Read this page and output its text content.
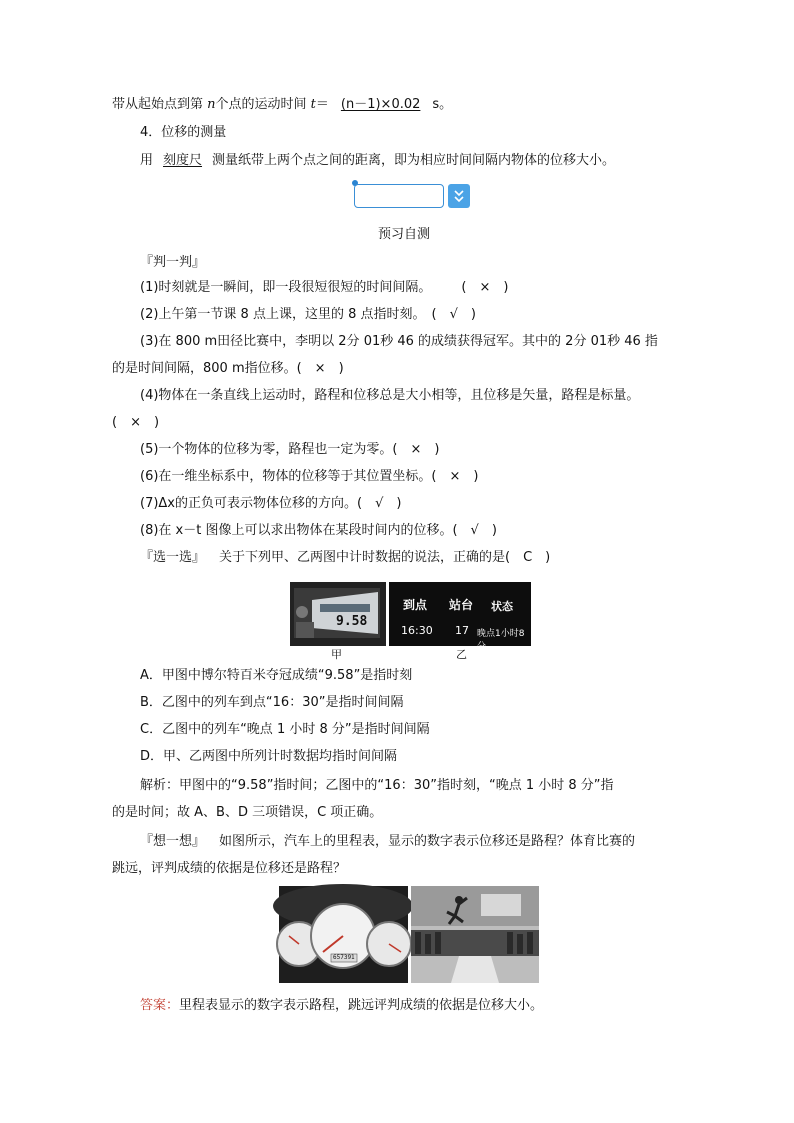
带从起始点到第 n个点的运动时间 t＝ (n－1)×0.02 s。
4．位移的测量
用 刻度尺 测量纸带上两个点之间的距离，即为相应时间间隔内物体的位移大小。
预习自测
『判一判』
(1)时刻就是一瞬间，即一段很短很短的时间间隔。 (　×　)
(2)上午第一节课 8 点上课，这里的 8 点指时刻。 (　√　)
(3)在 800 m田径比赛中，李明以 2分 01秒 46 的成绩获得冠军。其中的 2分 01秒 46 指
的是时间间隔，800 m指位移。(　×　)
(4)物体在一条直线上运动时，路程和位移总是大小相等，且位移是矢量，路程是标量。
(　×　)
(5)一个物体的位移为零，路程也一定为零。(　×　)
(6)在一维坐标系中，物体的位移等于其位置坐标。(　×　)
(7)Δx的正负可表示物体位移的方向。(　√　)
(8)在 x－t 图像上可以求出物体在某段时间内的位移。(　√　)
『选一选』 关于下列甲、乙两图中计时数据的说法，正确的是(　C　)
9.58
甲
到点 站台 状态
16:30 17 晚点1小时8分
乙
A．甲图中博尔特百米夺冠成绩“9.58”是指时刻
B．乙图中的列车到点“16：30”是指时间间隔
C．乙图中的列车“晚点 1 小时 8 分”是指时间间隔
D．甲、乙两图中所列计时数据均指时间间隔
解析：甲图中的“9.58”指时间；乙图中的“16：30”指时刻，“晚点 1 小时 8 分”指
的是时间；故 A、B、D 三项错误，C 项正确。
『想一想』 如图所示，汽车上的里程表，显示的数字表示位移还是路程？体育比赛的
跳远，评判成绩的依据是位移还是路程？
657391
答案：里程表显示的数字表示路程，跳远评判成绩的依据是位移大小。
